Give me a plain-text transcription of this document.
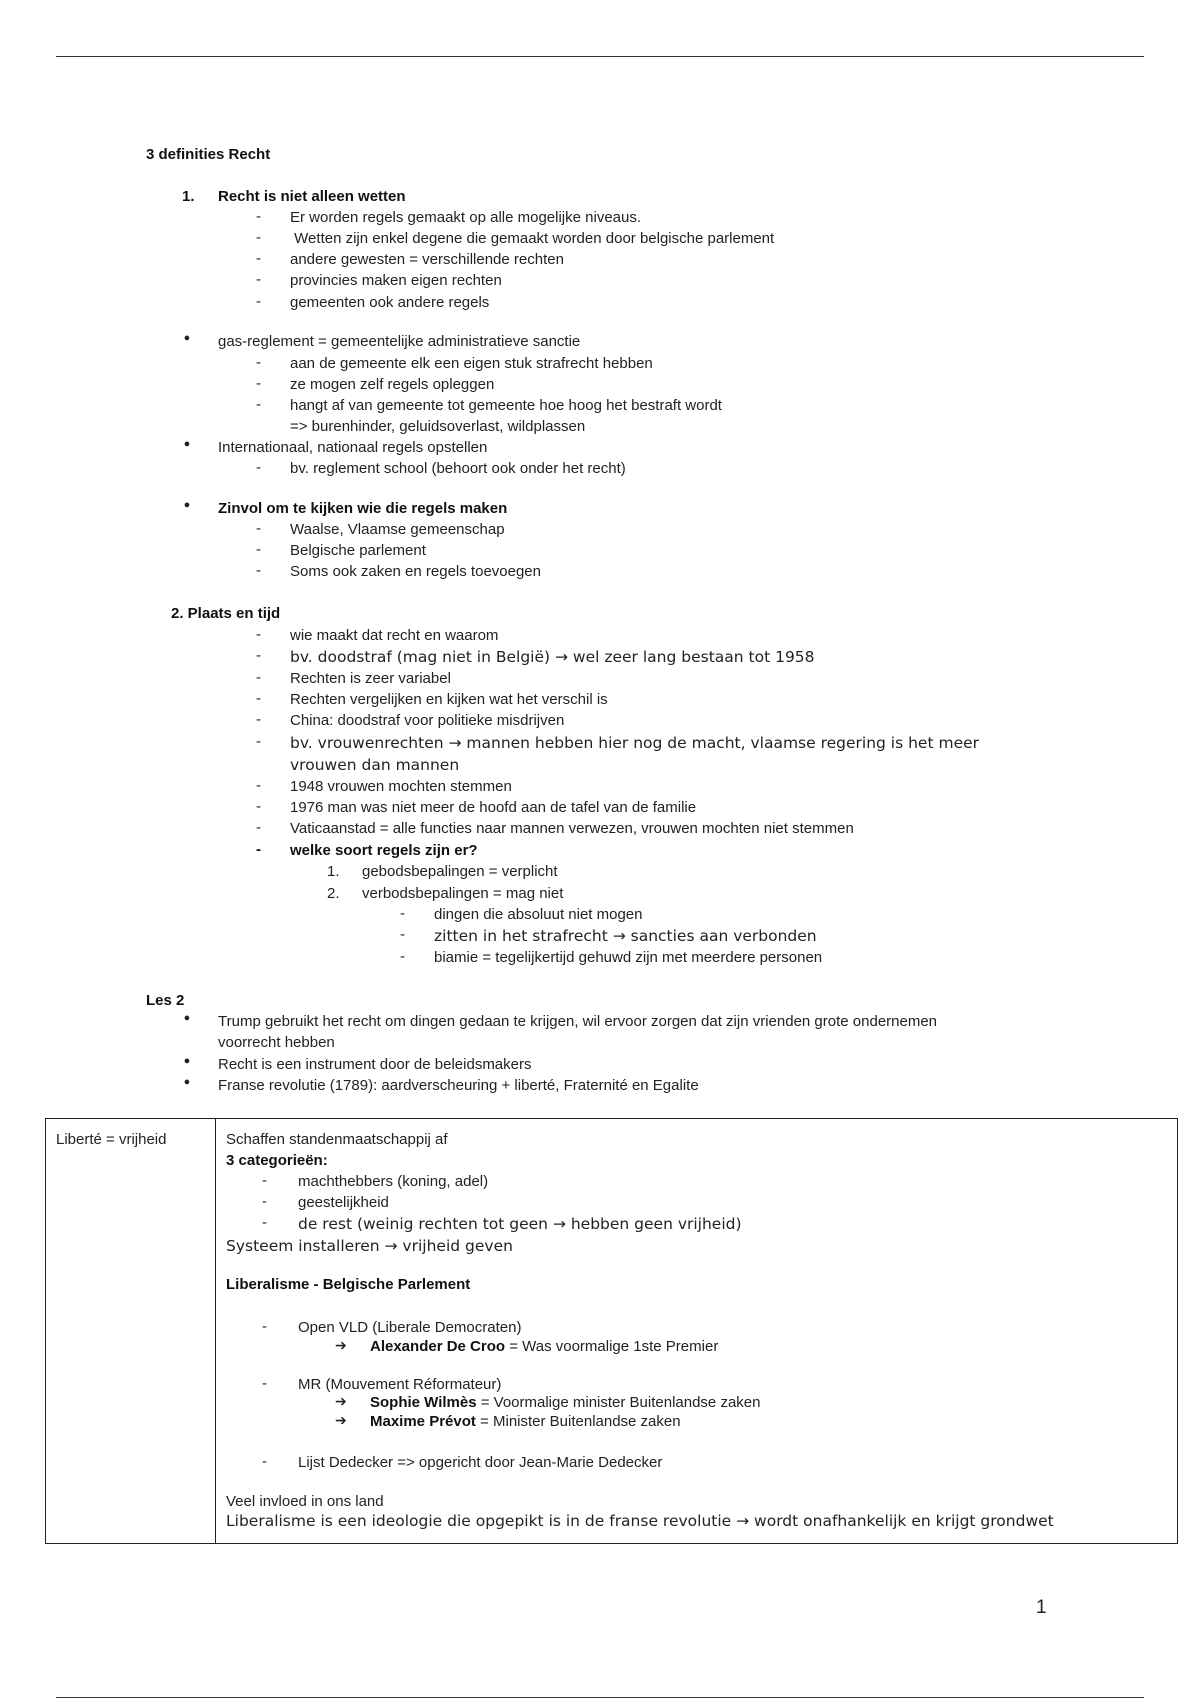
3 definities Recht
1. Recht is niet alleen wetten
- Er worden regels gemaakt op alle mogelijke niveaus.
- Wetten zijn enkel degene die gemaakt worden door belgische parlement
- andere gewesten = verschillende rechten
- provincies maken eigen rechten
- gemeenten ook andere regels
● gas-reglement = gemeentelijke administratieve sanctie
- aan de gemeente elk een eigen stuk strafrecht hebben
- ze mogen zelf regels opleggen
- hangt af van gemeente tot gemeente hoe hoog het bestraft wordt
=> burenhinder, geluidsoverlast, wildplassen
● Internationaal, nationaal regels opstellen
- bv. reglement school (behoort ook onder het recht)
● Zinvol om te kijken wie die regels maken
- Waalse, Vlaamse gemeenschap
- Belgische parlement
- Soms ook zaken en regels toevoegen
2. Plaats en tijd
- wie maakt dat recht en waarom
- bv. doodstraf (mag niet in België) → wel zeer lang bestaan tot 1958
- Rechten is zeer variabel
- Rechten vergelijken en kijken wat het verschil is
- China: doodstraf voor politieke misdrijven
- bv. vrouwenrechten → mannen hebben hier nog de macht, vlaamse regering is het meer
vrouwen dan mannen
- 1948 vrouwen mochten stemmen
- 1976 man was niet meer de hoofd aan de tafel van de familie
- Vaticaanstad = alle functies naar mannen verwezen, vrouwen mochten niet stemmen
- welke soort regels zijn er?
1. gebodsbepalingen = verplicht
2. verbodsbepalingen = mag niet
- dingen die absoluut niet mogen
- zitten in het strafrecht → sancties aan verbonden
- biamie = tegelijkertijd gehuwd zijn met meerdere personen
Les 2
● Trump gebruikt het recht om dingen gedaan te krijgen, wil ervoor zorgen dat zijn vrienden grote ondernemen
voorrecht hebben
● Recht is een instrument door de beleidsmakers
● Franse revolutie (1789): aardverscheuring + liberté, Fraternité en Egalite
Liberté = vrijheid	Schaffen standenmaatschappij af
3 categorieën:
- machthebbers (koning, adel)
- geestelijkheid
- de rest (weinig rechten tot geen → hebben geen vrijheid)
Systeem installeren → vrijheid geven
Liberalisme - Belgische Parlement
- Open VLD (Liberale Democraten)
➔ Alexander De Croo = Was voormalige 1ste Premier
- MR (Mouvement Réformateur)
➔ Sophie Wilmès = Voormalige minister Buitenlandse zaken
➔ Maxime Prévot = Minister Buitenlandse zaken
- Lijst Dedecker => opgericht door Jean-Marie Dedecker
Veel invloed in ons land
Liberalisme is een ideologie die opgepikt is in de franse revolutie → wordt onafhankelijk en krijgt grondwet
1
